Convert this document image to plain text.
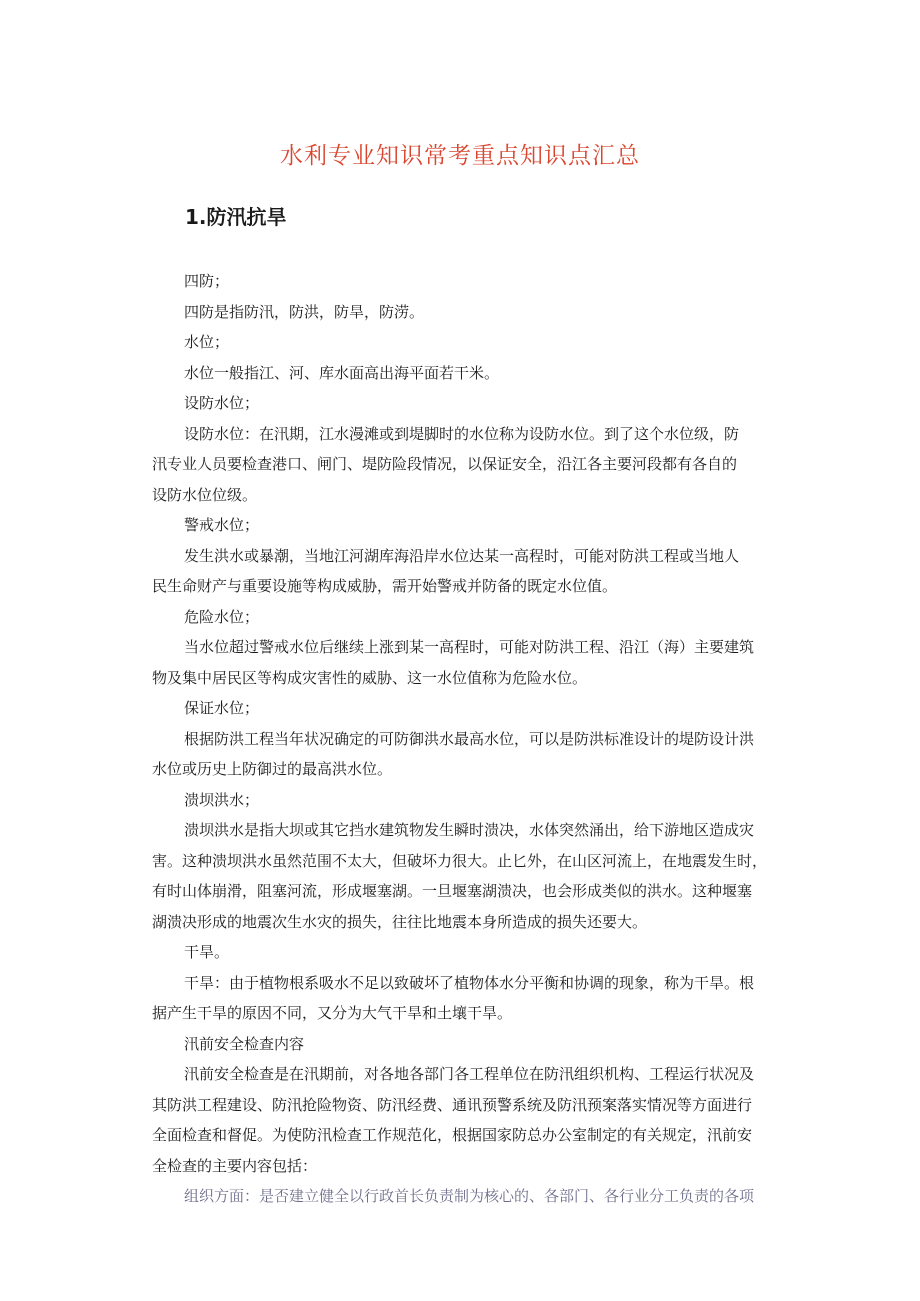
水利专业知识常考重点知识点汇总
1.防汛抗旱
四防；
四防是指防汛，防洪，防旱，防涝。
水位；
水位一般指江、河、库水面高出海平面若干米。
设防水位；
设防水位：在汛期，江水漫滩或到堤脚时的水位称为设防水位。到了这个水位级，防
汛专业人员要检查港口、闸门、堤防险段情况，以保证安全，沿江各主要河段都有各自的
设防水位位级。
警戒水位；
发生洪水或暴潮，当地江河湖库海沿岸水位达某一高程时，可能对防洪工程或当地人
民生命财产与重要设施等构成威胁，需开始警戒并防备的既定水位值。
危险水位；
当水位超过警戒水位后继续上涨到某一高程时，可能对防洪工程、沿江（海）主要建筑
物及集中居民区等构成灾害性的威胁、这一水位值称为危险水位。
保证水位；
根据防洪工程当年状况确定的可防御洪水最高水位，可以是防洪标准设计的堤防设计洪
水位或历史上防御过的最高洪水位。
溃坝洪水；
溃坝洪水是指大坝或其它挡水建筑物发生瞬时溃决，水体突然涌出，给下游地区造成灾
害。这种溃坝洪水虽然范围不太大，但破坏力很大。止匕外，在山区河流上，在地震发生时，
有时山体崩滑，阻塞河流，形成堰塞湖。一旦堰塞湖溃决，也会形成类似的洪水。这种堰塞
湖溃决形成的地震次生水灾的损失，往往比地震本身所造成的损失还要大。
干旱。
干旱：由于植物根系吸水不足以致破坏了植物体水分平衡和协调的现象，称为干旱。根
据产生干旱的原因不同，又分为大气干旱和土壤干旱。
汛前安全检查内容
汛前安全检查是在汛期前，对各地各部门各工程单位在防汛组织机构、工程运行状况及
其防洪工程建设、防汛抢险物资、防汛经费、通讯预警系统及防汛预案落实情况等方面进行
全面检查和督促。为使防汛检查工作规范化，根据国家防总办公室制定的有关规定，汛前安
全检查的主要内容包括：
组织方面：是否建立健全以行政首长负责制为核心的、各部门、各行业分工负责的各项
